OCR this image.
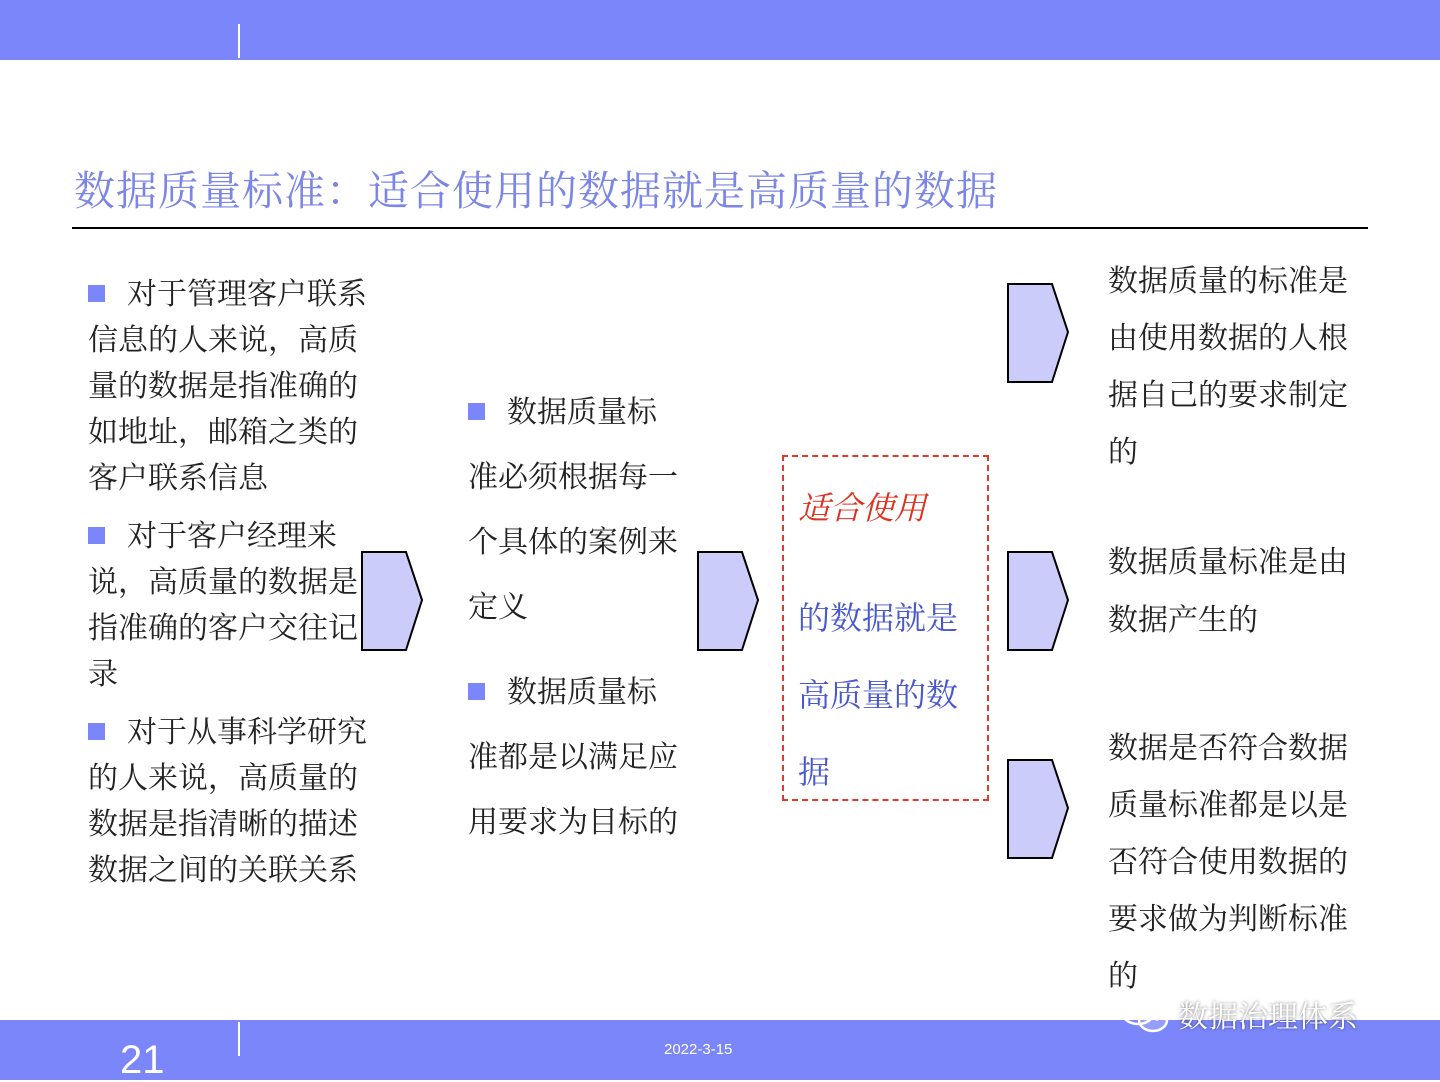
数据质量标准：适合使用的数据就是高质量的数据
对于管理客户联系信息的人来说，高质量的数据是指准确的如地址，邮箱之类的客户联系信息
对于客户经理来说，高质量的数据是指准确的客户交往记录
对于从事科学研究的人来说，高质量的数据是指清晰的描述数据之间的关联关系
数据质量标准必须根据每一个具体的案例来定义
数据质量标准都是以满足应用要求为目标的
适合使用
的数据就是高质量的数据
数据质量的标准是由使用数据的人根据自己的要求制定的
数据质量标准是由数据产生的
数据是否符合数据质量标准都是以是否符合使用数据的要求做为判断标准的
21	2022-3-15
数据治理体系
